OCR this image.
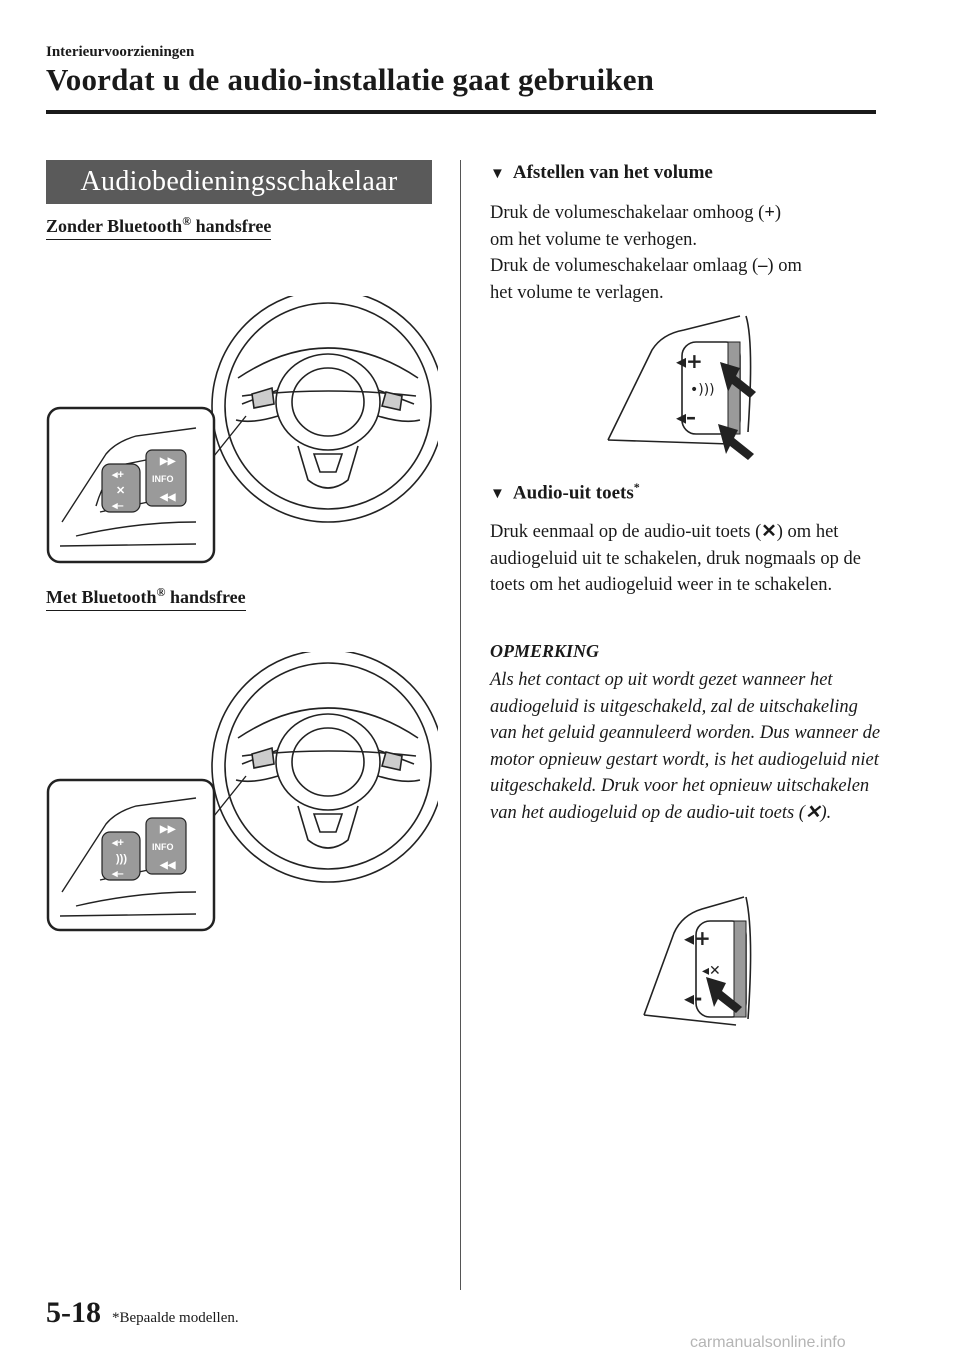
Interieurvoorzieningen
Voordat u de audio-installatie gaat gebruiken
Audiobedieningsschakelaar
Zonder Bluetooth® handsfree
◂+
✕
◂–
▶▶
INFO
◀◀
Met Bluetooth® handsfree
◂+
)))
◂–
▶▶
INFO
◀◀
▼ Afstellen van het volume
Druk de volumeschakelaar omhoog (+)
om het volume te verhogen.
Druk de volumeschakelaar omlaag (–) om
het volume te verlagen.
◂+
•)))
◂–
▼ Audio-uit toets*
Druk eenmaal op de audio-uit toets (✕) om het audiogeluid uit te schakelen, druk nogmaals op de toets om het audiogeluid weer in te schakelen.
OPMERKING
Als het contact op uit wordt gezet wanneer het audiogeluid is uitgeschakeld, zal de uitschakeling van het geluid geannuleerd worden. Dus wanneer de motor opnieuw gestart wordt, is het audiogeluid niet uitgeschakeld. Druk voor het opnieuw uitschakelen van het audiogeluid op de audio-uit toets (✕).
◂+
◂✕
◂-
5-18 *Bepaalde modellen.
carmanualsonline.info
